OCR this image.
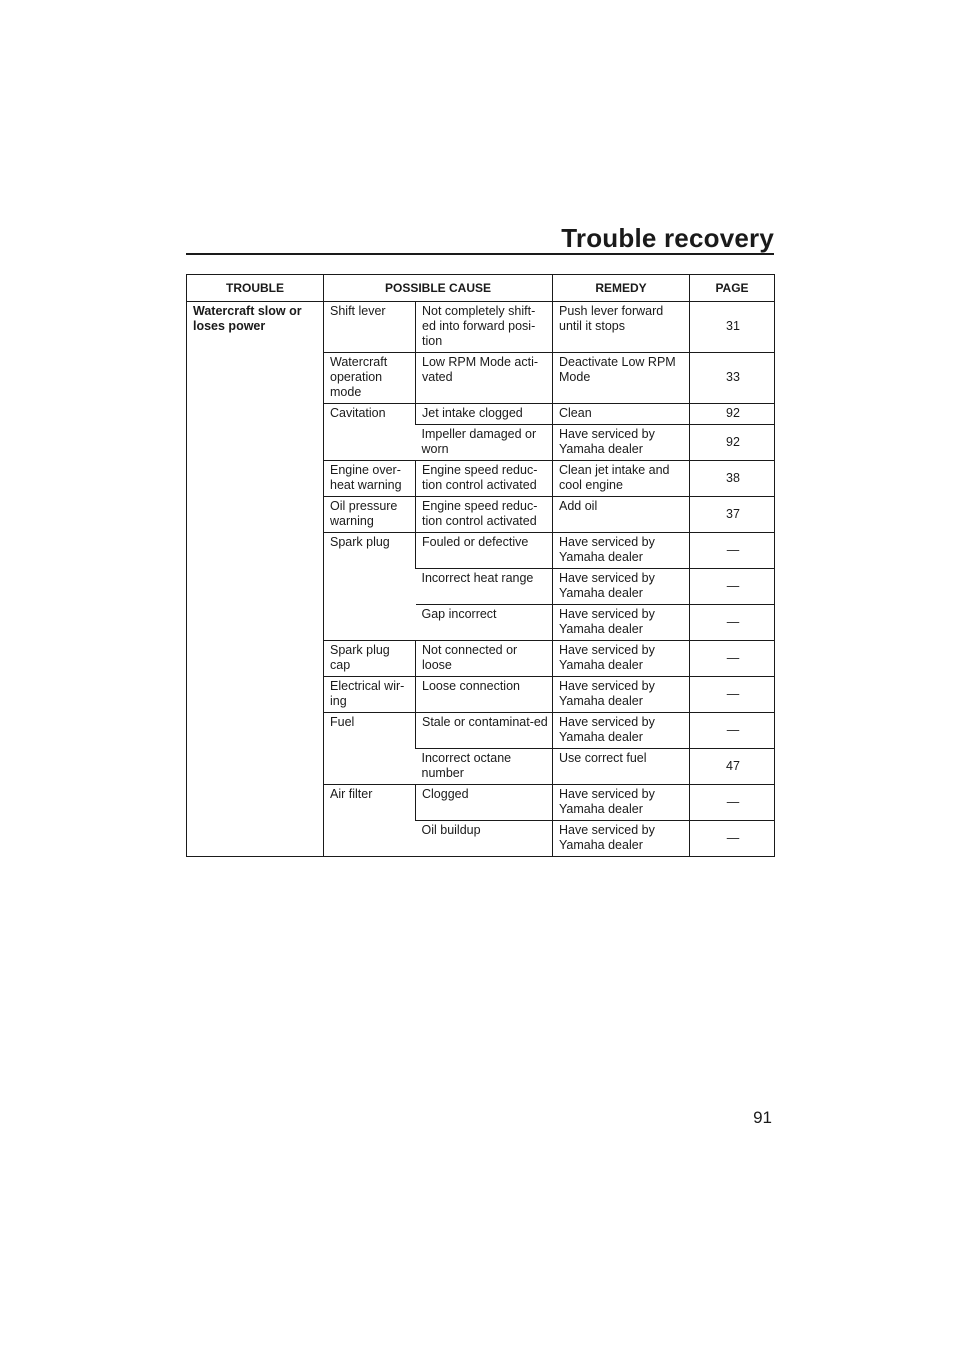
Trouble recovery
TROUBLE	POSSIBLE CAUSE		REMEDY	PAGE
Watercraft slow or loses power	Shift lever	Not completely shift-ed into forward posi-tion	Push lever forward until it stops	31
	Watercraft operation mode	Low RPM Mode acti-vated	Deactivate Low RPM Mode	33
	Cavitation	Jet intake clogged	Clean	92
		Impeller damaged or worn	Have serviced by Yamaha dealer	92
	Engine over-heat warning	Engine speed reduc-tion control activated	Clean jet intake and cool engine	38
	Oil pressure warning	Engine speed reduc-tion control activated	Add oil	37
	Spark plug	Fouled or defective	Have serviced by Yamaha dealer	—
		Incorrect heat range	Have serviced by Yamaha dealer	—
		Gap incorrect	Have serviced by Yamaha dealer	—
	Spark plug cap	Not connected or loose	Have serviced by Yamaha dealer	—
	Electrical wir-ing	Loose connection	Have serviced by Yamaha dealer	—
	Fuel	Stale or contaminat-ed	Have serviced by Yamaha dealer	—
		Incorrect octane number	Use correct fuel	47
	Air filter	Clogged	Have serviced by Yamaha dealer	—
		Oil buildup	Have serviced by Yamaha dealer	—
91
